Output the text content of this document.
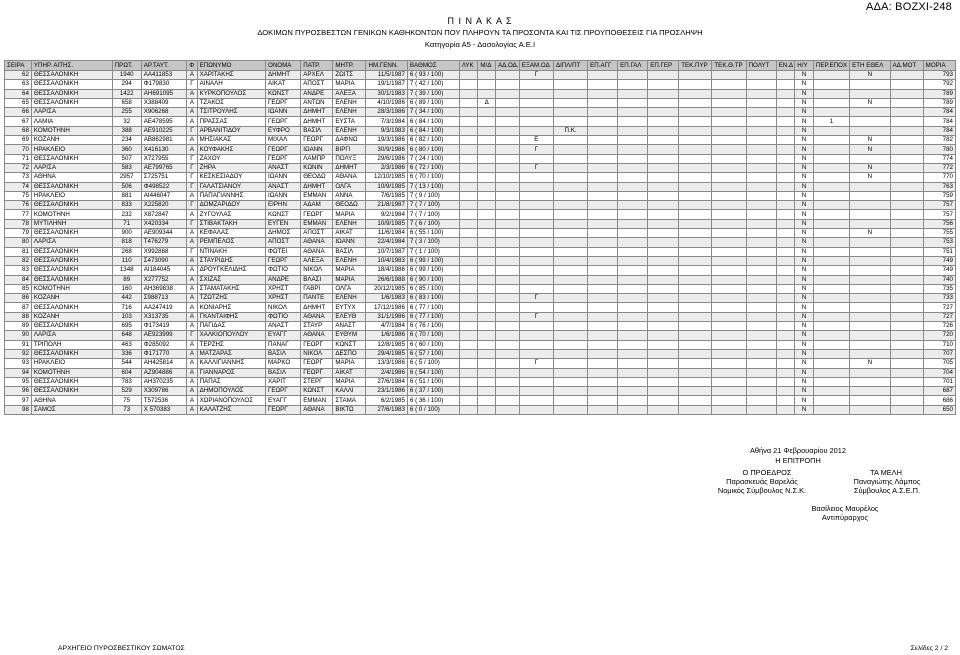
ΑΔΑ: ΒΟΖΧΙ-248
Π Ι Ν Α Κ Α Σ
ΔΟΚΙΜΩΝ ΠΥΡΟΣΒΕΣΤΩΝ ΓΕΝΙΚΩΝ ΚΑΘΗΚΟΝΤΩΝ ΠΟΥ ΠΛΗΡΟΥΝ ΤΑ ΠΡΟΣΟΝΤΑ ΚΑΙ ΤΙΣ ΠΡΟΥΠΟΘΕΣΕΙΣ ΓΙΑ ΠΡΟΣΛΗΨΗ
Κατηγορία Α5 - Δασολογίας Α.Ε.Ι
ΣΕΙΡΑ	ΥΠΗΡ. ΑΙΤΗΣ.	ΠΡΩΤ.	ΑΡ.ΤΑΥΤ.	Φ	ΕΠΩΝΥΜΟ	ΟΝΟΜΑ	ΠΑΤΡ.	ΜΗΤΡ.	ΗΜ.ΓΕΝΝ.	ΒΑΘΜΟΣ	ΛΥΚ	Μ/Δ	ΑΔ.ΟΔ.	ΕΞΑΜ.ΟΔ	ΔΙΠΛ/ΠΤ	ΕΠ.ΑΓΓ	ΕΠ.ΓΑΛ	ΕΠ.ΓΕΡ	ΤΕΚ.ΠΥΡ	ΤΕΚ.Θ.ΤΡ	ΠΟΛΥΤ	ΕΝ.Δ	Η/Υ	ΠΕΡ.ΕΠΟΧ	ΕΤΗ ΕΘΕΛ	ΑΔ.ΜΟΤ	ΜΟΡΙΑ
62	ΘΕΣΣΑΛΟΝΙΚΗ	1940	ΑΑ411853	Α	ΧΑΡΙΤΑΚΗΣ	ΔΗΜΗΤ	ΑΡΧΕΛ	ΖΩΙΤΣ	11/5/1987	6 ( 93 / 100)				Γ									Ν		Ν		793
63	ΘΕΣΣΑΛΟΝΙΚΗ	294	Φ179830	Γ	ΑΙΝΑΛΗ	ΑΙΚΑΤ	ΑΠΟΣΤ	ΜΑΡΙΑ	19/1/1987	7 ( 42 / 100)													Ν				792
64	ΘΕΣΣΑΛΟΝΙΚΗ	1422	ΑΗ691095	Α	ΚΥΡΚΟΠΟΥΛΟΣ	ΚΩΝΣΤ	ΑΝΔΡΕ	ΑΛΕΞΑ	30/1/1983	7 ( 39 / 100)													Ν				789
65	ΘΕΣΣΑΛΟΝΙΚΗ	658	Χ388409	Α	ΤΖΑΚΟΣ	ΓΕΩΡΓ	ΑΝΤΩΝ	ΕΛΕΝΗ	4/10/1986	6 ( 89 / 100)		Δ											Ν		Ν		789
66	ΛΑΡΙΣΑ	255	Χ906268	Α	ΤΣΙΤΡΟΥΛΗΣ	ΙΩΑΝΝ	ΔΗΜΗΤ	ΕΛΕΝΗ	28/3/1986	7 ( 34 / 100)													Ν				784
67	ΛΑΜΙΑ	32	ΑΕ478595	Α	ΠΡΑΣΣΑΣ	ΓΕΩΡΓ	ΔΗΜΗΤ	ΕΥΣΤΑ	7/3/1984	6 ( 84 / 100)													Ν	1			784
68	ΚΟΜΟΤΗΝΗ	388	ΑΕ910225	Γ	ΑΡΒΑΝΙΤΙΔΟΥ	ΕΥΦΡΟ	ΒΑΣΙΛ	ΕΛΕΝΗ	9/3/1983	6 ( 84 / 100)					Π.Κ.								Ν				784
69	ΚΟΖΑΝΗ	234	ΑΒ862981	Α	ΜΗΣΙΑΚΑΣ	ΜΙΧΑΛ	ΓΕΩΡΓ	ΔΑΦΝΩ	19/3/1986	6 ( 82 / 100)				Ε									Ν		Ν		782
70	ΗΡΑΚΛΕΙΟ	360	Χ416130	Α	ΚΟΥΦΑΚΗΣ	ΓΕΩΡΓ	ΙΩΑΝΝ	ΒΙΡΓΙ	30/9/1986	6 ( 80 / 100)				Γ									Ν		Ν		780
71	ΘΕΣΣΑΛΟΝΙΚΗ	507	Χ727955	Γ	ΖΑΧΟΥ	ΓΕΩΡΓ	ΛΑΜΠΡ	ΠΟΛΥΞ	29/6/1986	7 ( 24 / 100)													Ν				774
72	ΛΑΡΙΣΑ	583	ΑΕ799765	Γ	ΖΗΡΑ	ΑΝΑΣΤ	ΚΩΝΙΝ	ΔΗΜΗΤ	2/3/1986	6 ( 72 / 100)				Γ									Ν		Ν		772
73	ΑΘΗΝΑ	2957	Σ725751	Γ	ΚΕΣΚΕΣΙΑΔΟΥ	ΙΩΑΝΝ	ΘΕΟΔΩ	ΑΘΑΝΑ	12/10/1985	6 ( 70 / 100)													Ν		Ν		770
74	ΘΕΣΣΑΛΟΝΙΚΗ	506	Φ498522	Γ	ΓΑΛΑΤΣΙΑΝΟΥ	ΑΝΑΣΤ	ΔΗΜΗΤ	ΟΛΓΑ	10/9/1985	7 ( 13 / 100)													Ν				763
75	ΗΡΑΚΛΕΙΟ	881	ΑΙ446047	Α	ΠΑΠΑΓΙΑΝΝΗΣ	ΙΩΑΝΝ	ΕΜΜΑΝ	ΑΝΝΑ	7/6/1985	7 ( 9 / 100)													Ν				759
76	ΘΕΣΣΑΛΟΝΙΚΗ	833	Χ225820	Γ	ΔΟΜΖΑΡΙΔΟΥ	ΕΙΡΗΝ	ΑΔΑΜ	ΘΕΟΔΩ	21/8/1987	7 ( 7 / 100)													Ν				757
77	ΚΟΜΟΤΗΝΗ	232	Χ872847	Α	ΖΥΓΟΥΛΑΣ	ΚΩΝΣΤ	ΓΕΩΡΓ	ΜΑΡΙΑ	9/2/1984	7 ( 7 / 100)													Ν				757
78	ΜΥΤΙΛΗΝΗ	71	Χ420334	Γ	ΣΤΙΒΑΚΤΑΚΗ	ΕΥΓΕΝ	ΕΜΜΑΝ	ΕΛΕΝΗ	10/9/1985	7 ( 6 / 100)													Ν				756
79	ΘΕΣΣΑΛΟΝΙΚΗ	900	ΑΕ909344	Α	ΚΕΦΑΛΑΣ	ΔΗΜΟΣ	ΑΠΟΣΤ	ΑΙΚΑΤ	11/6/1984	6 ( 55 / 100)													Ν		Ν		755
80	ΛΑΡΙΣΑ	818	Τ476279	Α	ΡΕΜΠΕΛΟΣ	ΑΠΟΣΤ	ΑΘΑΝΑ	ΙΩΑΝΝ	22/4/1984	7 ( 3 / 100)													Ν				753
81	ΘΕΣΣΑΛΟΝΙΚΗ	268	Χ992868	Γ	ΝΤΙΝΑΚΗ	ΦΩΤΕΙ	ΑΘΑΝΑ	ΒΑΣΙΛ	10/7/1987	7 ( 1 / 100)													Ν				751
82	ΘΕΣΣΑΛΟΝΙΚΗ	110	Σ473090	Α	ΣΤΑΥΡΙΔΗΣ	ΓΕΩΡΓ	ΑΛΕΞΑ	ΕΛΕΝΗ	10/4/1983	6 ( 99 / 100)													Ν				749
83	ΘΕΣΣΑΛΟΝΙΚΗ	1348	ΑΙ184045	Α	ΔΡΟΥΓΚΕΛΙΔΗΣ	ΦΩΤΙΟ	ΝΙΚΟΛ	ΜΑΡΙΑ	18/4/1986	6 ( 99 / 100)													Ν				749
84	ΘΕΣΣΑΛΟΝΙΚΗ	89	Χ277752	Α	ΣΧΙΖΑΣ	ΑΝΔΡΕ	ΒΛΑΣΙ	ΜΑΡΙΑ	26/6/1988	6 ( 90 / 100)													Ν				740
85	ΚΟΜΟΤΗΝΗ	160	ΑΗ369838	Α	ΣΤΑΜΑΤΑΚΗΣ	ΧΡΗΣΤ	ΓΑΒΡΙ	ΟΛΓΑ	20/12/1985	6 ( 85 / 100)													Ν				735
86	ΚΟΖΑΝΗ	442	Σ988713	Α	ΤΖΩΤΖΗΣ	ΧΡΗΣΤ	ΠΑΝΤΕ	ΕΛΕΝΗ	1/6/1983	6 ( 83 / 100)				Γ									Ν				733
87	ΘΕΣΣΑΛΟΝΙΚΗ	716	ΑΑ247419	Α	ΚΟΝΙΑΡΗΣ	ΝΙΚΟΛ	ΔΗΜΗΤ	ΕΥΤΥΧ	17/12/1986	6 ( 77 / 100)													Ν				727
88	ΚΟΖΑΝΗ	103	Χ313735	Α	ΓΚΑΝΤΑΙΦΗΣ	ΦΩΤΙΟ	ΑΘΑΝΑ	ΕΛΕΥΘ	31/1/1986	6 ( 77 / 100)				Γ									Ν				727
89	ΘΕΣΣΑΛΟΝΙΚΗ	695	Φ173419	Α	ΠΑΓΙΔΑΣ	ΑΝΑΣΤ	ΣΤΑΥΡ	ΑΝΑΣΤ	4/7/1984	6 ( 76 / 100)													Ν				726
90	ΛΑΡΙΣΑ	648	ΑΕ923999	Γ	ΧΑΛΚΙΟΠΟΥΛΟΥ	ΕΥΑΓΓ	ΑΘΑΝΑ	ΕΥΘΥΜ	1/6/1986	6 ( 70 / 100)													Ν				720
91	ΤΡΙΠΟΛΗ	463	Φ285092	Α	ΤΕΡΖΗΣ	ΠΑΝΑΓ	ΓΕΩΡΓ	ΚΩΝΣΤ	12/8/1985	6 ( 60 / 100)													Ν				710
92	ΘΕΣΣΑΛΟΝΙΚΗ	336	Φ171770	Α	ΜΑΤΖΑΡΑΣ	ΒΑΣΙΛ	ΝΙΚΟΛ	ΔΕΣΠΟ	29/4/1985	6 ( 57 / 100)													Ν				707
93	ΗΡΑΚΛΕΙΟ	544	ΑΗ425814	Α	ΚΑΛΛΙΓΙΑΝΝΗΣ	ΜΑΡΚΟ	ΓΕΩΡΓ	ΜΑΡΙΑ	13/3/1986	6 ( 5 / 100)				Γ									Ν		Ν		705
94	ΚΟΜΟΤΗΝΗ	604	ΑΖ904886	Α	ΓΙΑΝΝΑΡΟΣ	ΒΑΣΙΛ	ΓΕΩΡΓ	ΑΙΚΑΤ	2/4/1986	6 ( 54 / 100)													Ν				704
95	ΘΕΣΣΑΛΟΝΙΚΗ	783	ΑΗ370235	Α	ΠΑΠΑΣ	ΧΑΡΙΤ	ΣΤΕΡΓ	ΜΑΡΙΑ	27/6/1984	6 ( 51 / 100)													Ν				701
96	ΘΕΣΣΑΛΟΝΙΚΗ	529	Χ309786	Α	ΔΗΜΟΠΟΥΛΟΣ	ΓΕΩΡΓ	ΚΩΝΣΤ	ΚΑΛΛΙ	23/1/1986	6 ( 37 / 100)													Ν				687
97	ΑΘΗΝΑ	75	Τ572536	Α	ΧΩΡΙΑΝΟΠΟΥΛΟΣ	ΕΥΑΓΓ	ΕΜΜΑΝ	ΣΤΑΜΑ	6/2/1985	6 ( 36 / 100)													Ν				686
98	ΣΑΜΟΣ	73	Χ 570383	Α	ΚΑΛΑΤΖΗΣ	ΓΕΩΡΓ	ΑΘΑΝΑ	ΒΙΚΤΩ	27/6/1983	6 ( 0 / 100)													Ν				650
Αθήνα 21 Φεβρουαρίου 2012
Η ΕΠΙΤΡΟΠΗ
Ο ΠΡΟΕΔΡΟΣ
Παρασκευάς Βαρελάς
Νομικός Σύμβουλος Ν.Σ.Κ.
ΤΑ ΜΕΛΗ
Παναγιώτης Λάμπος
Σύμβουλος Α.Σ.Ε.Π.
Βασίλειος Μαυρέλος
Αντιπύραρχος
ΑΡΧΗΓΕΙΟ ΠΥΡΟΣΒΕΣΤΙΚΟΥ ΣΩΜΑΤΟΣ	Σελίδες 2 / 2
